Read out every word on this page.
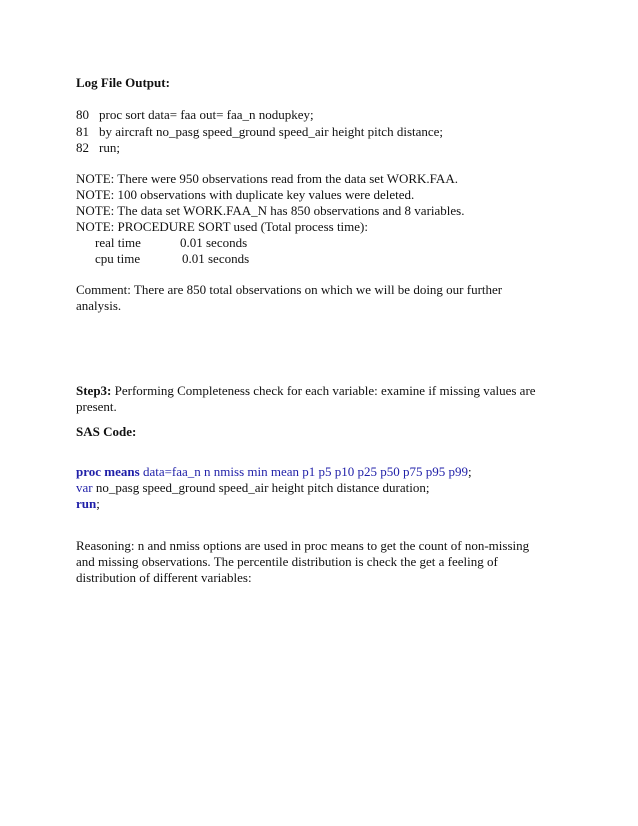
Log File Output:
80 proc sort data= faa out= faa_n nodupkey;
81 by aircraft no_pasg speed_ground speed_air height pitch distance;
82 run;
NOTE: There were 950 observations read from the data set WORK.FAA.
NOTE: 100 observations with duplicate key values were deleted.
NOTE: The data set WORK.FAA_N has 850 observations and 8 variables.
NOTE: PROCEDURE SORT used (Total process time):
real time	0.01 seconds
cpu time	0.01 seconds
Comment: There are 850 total observations on which we will be doing our further
analysis.
Step3: Performing Completeness check for each variable: examine if missing values are
present.
SAS Code:
proc means data=faa_n n nmiss min mean p1 p5 p10 p25 p50 p75 p95 p99;
var no_pasg speed_ground speed_air height pitch distance duration;
run;
Reasoning: n and nmiss options are used in proc means to get the count of non-missing
and missing observations. The percentile distribution is check the get a feeling of
distribution of different variables:
